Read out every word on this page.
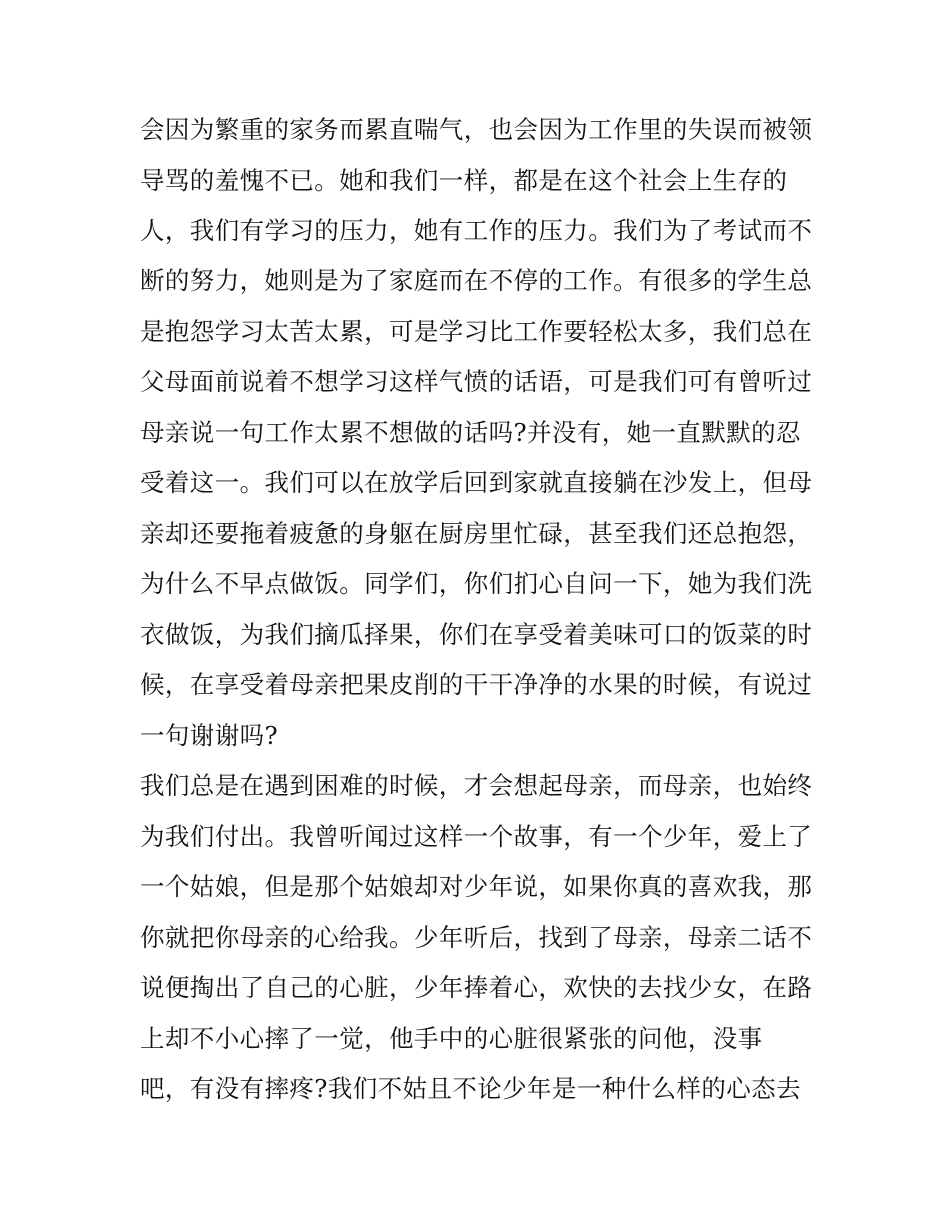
会因为繁重的家务而累直喘气，也会因为工作里的失误而被领
导骂的羞愧不已。她和我们一样，都是在这个社会上生存的
人，我们有学习的压力，她有工作的压力。我们为了考试而不
断的努力，她则是为了家庭而在不停的工作。有很多的学生总
是抱怨学习太苦太累，可是学习比工作要轻松太多，我们总在
父母面前说着不想学习这样气愤的话语，可是我们可有曾听过
母亲说一句工作太累不想做的话吗?并没有，她一直默默的忍
受着这一。我们可以在放学后回到家就直接躺在沙发上，但母
亲却还要拖着疲惫的身躯在厨房里忙碌，甚至我们还总抱怨，
为什么不早点做饭。同学们，你们扪心自问一下，她为我们洗
衣做饭，为我们摘瓜择果，你们在享受着美味可口的饭菜的时
候，在享受着母亲把果皮削的干干净净的水果的时候，有说过
一句谢谢吗?
我们总是在遇到困难的时候，才会想起母亲，而母亲，也始终
为我们付出。我曾听闻过这样一个故事，有一个少年，爱上了
一个姑娘，但是那个姑娘却对少年说，如果你真的喜欢我，那
你就把你母亲的心给我。少年听后，找到了母亲，母亲二话不
说便掏出了自己的心脏，少年捧着心，欢快的去找少女，在路
上却不小心摔了一觉，他手中的心脏很紧张的问他，没事
吧，有没有摔疼?我们不姑且不论少年是一种什么样的心态去
